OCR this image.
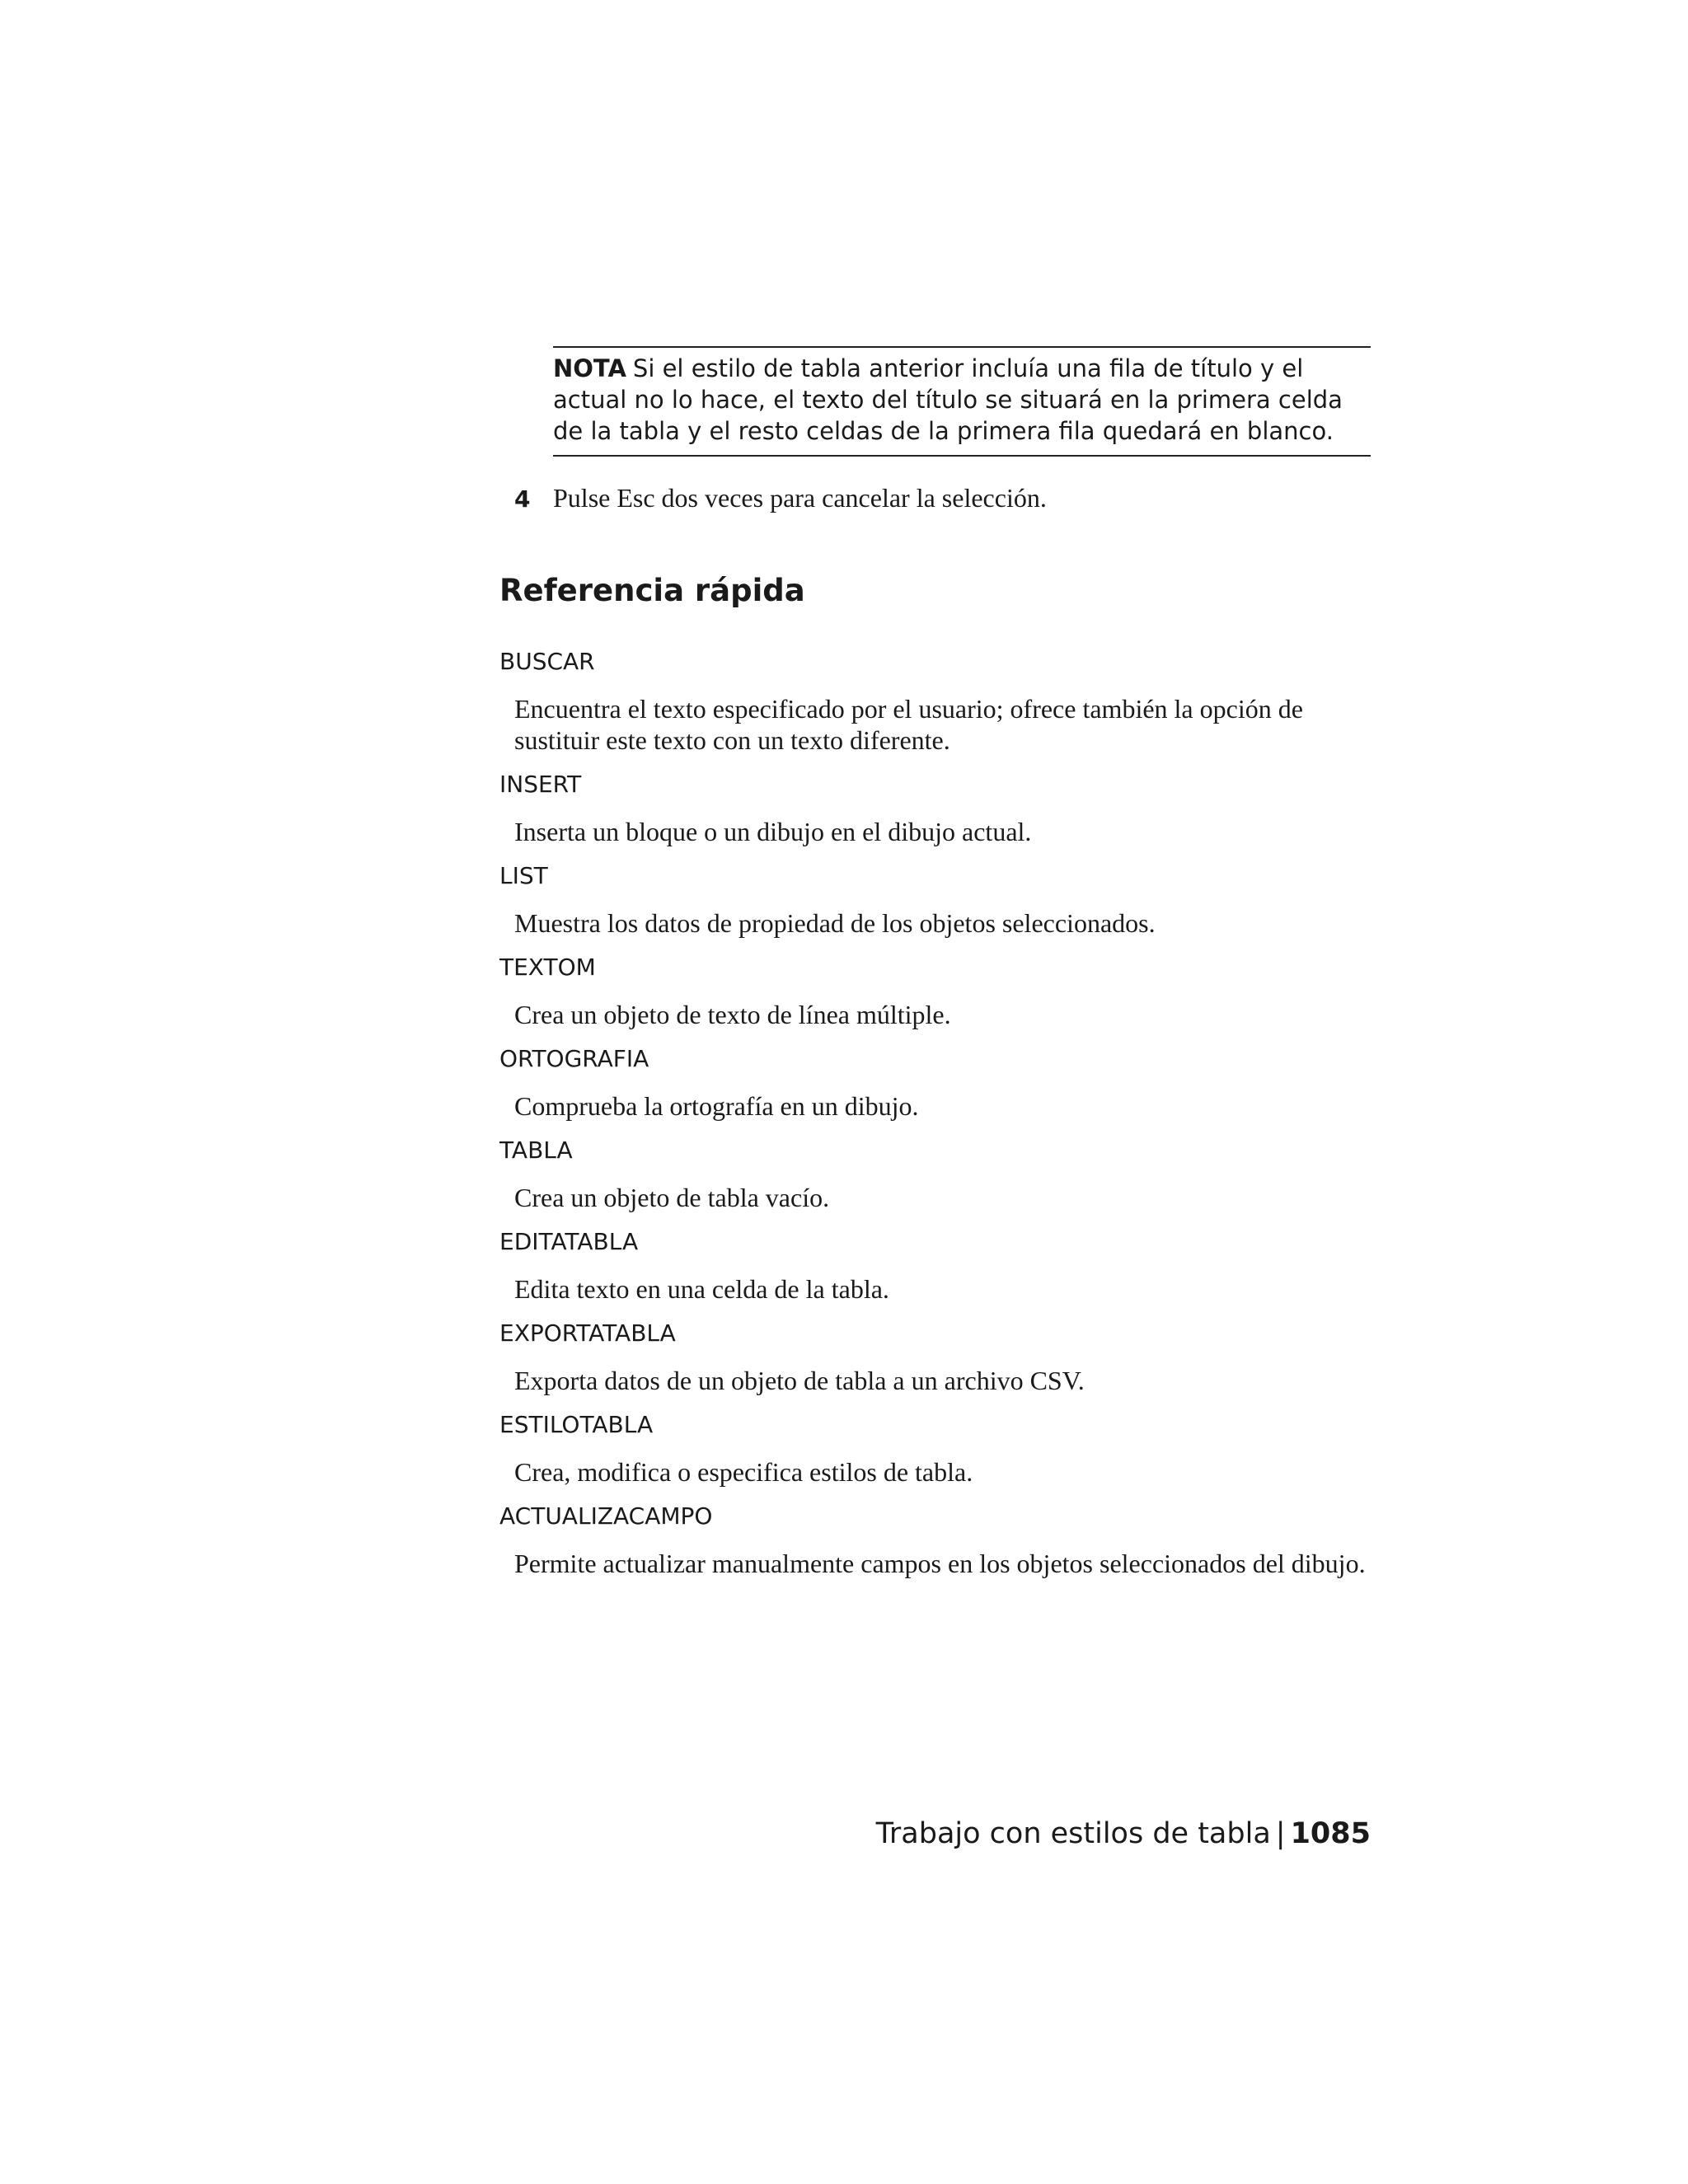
NOTA Si el estilo de tabla anterior incluía una fila de título y el actual no lo hace, el texto del título se situará en la primera celda de la tabla y el resto celdas de la primera fila quedará en blanco.
4 Pulse Esc dos veces para cancelar la selección.
Referencia rápida

BUSCAR

Encuentra el texto especificado por el usuario; ofrece también la opción de sustituir este texto con un texto diferente.

INSERT

Inserta un bloque o un dibujo en el dibujo actual.

LIST

Muestra los datos de propiedad de los objetos seleccionados.

TEXTOM

Crea un objeto de texto de línea múltiple.

ORTOGRAFIA

Comprueba la ortografía en un dibujo.

TABLA

Crea un objeto de tabla vacío.

EDITATABLA

Edita texto en una celda de la tabla.

EXPORTATABLA

Exporta datos de un objeto de tabla a un archivo CSV.

ESTILOTABLA

Crea, modifica o especifica estilos de tabla.

ACTUALIZACAMPO

Permite actualizar manualmente campos en los objetos seleccionados del dibujo.

Trabajo con estilos de tabla | 1085
